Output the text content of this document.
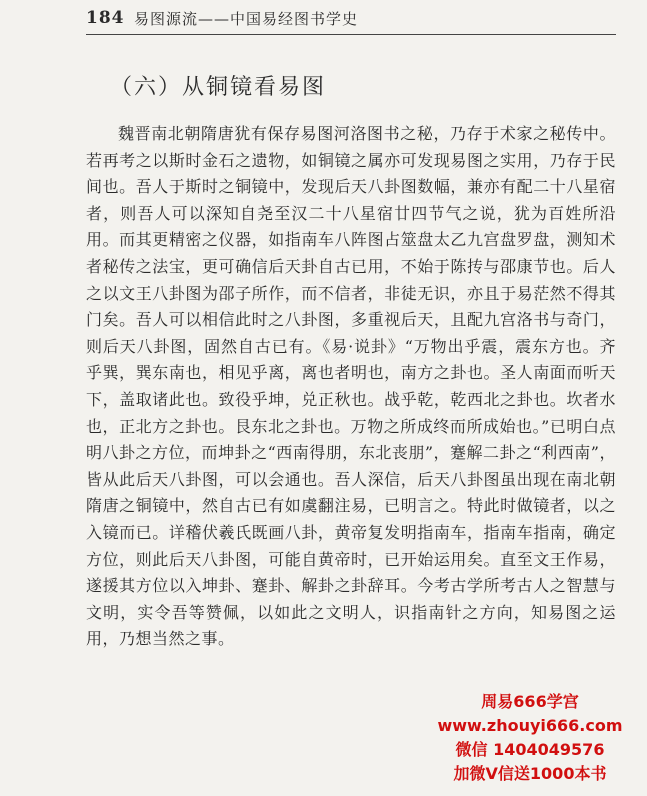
184 易图源流——中国易经图书学史
（六）从铜镜看易图
魏晋南北朝隋唐犹有保存易图河洛图书之秘，乃存于术家之秘传中。若再考之以斯时金石之遗物，如铜镜之属亦可发现易图之实用，乃存于民间也。吾人于斯时之铜镜中，发现后天八卦图数幅，兼亦有配二十八星宿者，则吾人可以深知自尧至汉二十八星宿廿四节气之说，犹为百姓所沿用。而其更精密之仪器，如指南车八阵图占筮盘太乙九宫盘罗盘，测知术者秘传之法宝，更可确信后天卦自古已用，不始于陈抟与邵康节也。后人之以文王八卦图为邵子所作，而不信者，非徒无识，亦且于易茫然不得其门矣。吾人可以相信此时之八卦图，多重视后天，且配九宫洛书与奇门，则后天八卦图，固然自古已有。《易·说卦》“万物出乎震，震东方也。齐乎巽，巽东南也，相见乎离，离也者明也，南方之卦也。圣人南面而听天下，盖取诸此也。致役乎坤，兑正秋也。战乎乾，乾西北之卦也。坎者水也，正北方之卦也。艮东北之卦也。万物之所成终而所成始也。”已明白点明八卦之方位，而坤卦之“西南得朋，东北丧朋”，蹇解二卦之“利西南”，皆从此后天八卦图，可以会通也。吾人深信，后天八卦图虽出现在南北朝隋唐之铜镜中，然自古已有如虞翻注易，已明言之。特此时做镜者，以之入镜而已。详稽伏羲氏既画八卦，黄帝复发明指南车，指南车指南，确定方位，则此后天八卦图，可能自黄帝时，已开始运用矣。直至文王作易，遂援其方位以入坤卦、蹇卦、解卦之卦辞耳。今考古学所考古人之智慧与文明，实令吾等赞佩，以如此之文明人，识指南针之方向，知易图之运用，乃想当然之事。
周易666学宫
www.zhouyi666.com
微信 1404049576
加微V信送1000本书
